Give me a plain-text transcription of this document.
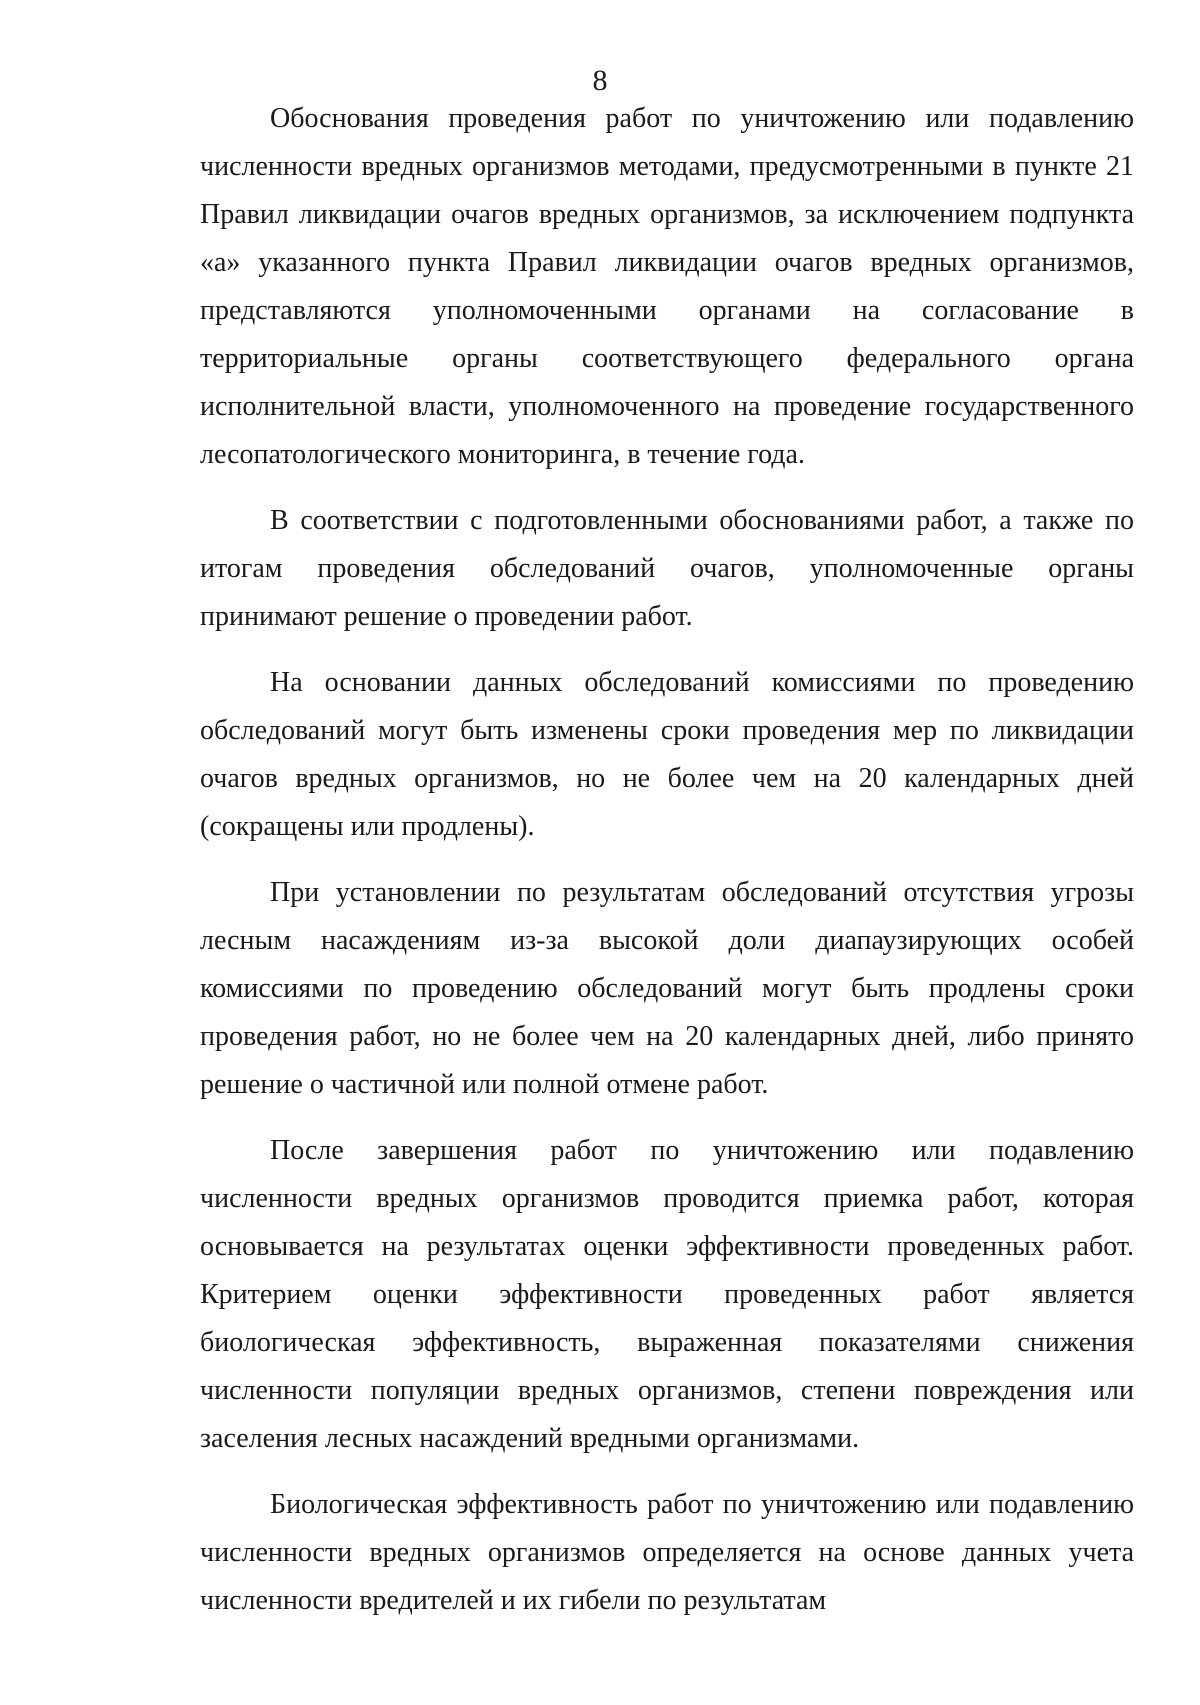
8

Обоснования проведения работ по уничтожению или подавлению численности вредных организмов методами, предусмотренными в пункте 21 Правил ликвидации очагов вредных организмов, за исключением подпункта «а» указанного пункта Правил ликвидации очагов вредных организмов, представляются уполномоченными органами на согласование в территориальные органы соответствующего федерального органа исполнительной власти, уполномоченного на проведение государственного лесопатологического мониторинга, в течение года.

В соответствии с подготовленными обоснованиями работ, а также по итогам проведения обследований очагов, уполномоченные органы принимают решение о проведении работ.

На основании данных обследований комиссиями по проведению обследований могут быть изменены сроки проведения мер по ликвидации очагов вредных организмов, но не более чем на 20 календарных дней (сокращены или продлены).

При установлении по результатам обследований отсутствия угрозы лесным насаждениям из-за высокой доли диапаузирующих особей комиссиями по проведению обследований могут быть продлены сроки проведения работ, но не более чем на 20 календарных дней, либо принято решение о частичной или полной отмене работ.

После завершения работ по уничтожению или подавлению численности вредных организмов проводится приемка работ, которая основывается на результатах оценки эффективности проведенных работ. Критерием оценки эффективности проведенных работ является биологическая эффективность, выраженная показателями снижения численности популяции вредных организмов, степени повреждения или заселения лесных насаждений вредными организмами.

Биологическая эффективность работ по уничтожению или подавлению численности вредных организмов определяется на основе данных учета численности вредителей и их гибели по результатам
